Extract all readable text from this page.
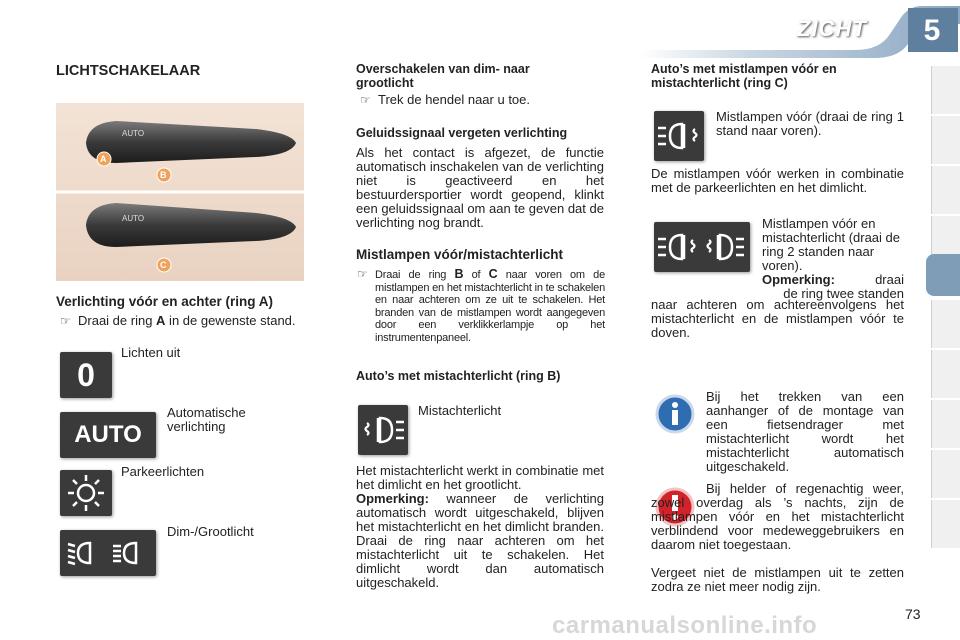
ZICHT	5
LICHTSCHAKELAAR
AUTO
AUTO
A
B
C
Verlichting vóór en achter (ring A)
Draai de ring A in de gewenste stand.
0
Lichten uit
AUTO
Automatische verlichting
Parkeerlichten
Dim-/Grootlicht
Overschakelen van dim- naar grootlicht
Trek de hendel naar u toe.
Geluidssignaal vergeten verlichting
Als het contact is afgezet, de functie automatisch inschakelen van de verlichting niet is geactiveerd en het bestuurdersportier wordt geopend, klinkt een geluidssignaal om aan te geven dat de verlichting nog brandt.
Mistlampen vóór/mistachterlicht
Draai de ring B of C naar voren om de mistlampen en het mistachterlicht in te schakelen en naar achteren om ze uit te schakelen. Het branden van de mistlampen wordt aangegeven door een verklikkerlampje op het instrumentenpaneel.
Auto’s met mistachterlicht (ring B)
Mistachterlicht
Het mistachterlicht werkt in combinatie met het dimlicht en het grootlicht.
Opmerking: wanneer de verlichting automatisch wordt uitgeschakeld, blijven het mistachterlicht en het dimlicht branden. Draai de ring naar achteren om het mistachterlicht uit te schakelen. Het dimlicht wordt dan automatisch uitgeschakeld.
Auto’s met mistlampen vóór en mistachterlicht (ring C)
Mistlampen vóór (draai de ring 1 stand naar voren).
De mistlampen vóór werken in combinatie met de parkeerlichten en het dimlicht.
Mistlampen vóór en mistachterlicht (draai de ring 2 standen naar voren).
Opmerking:	draai
de ring twee standen
naar achteren om achtereenvolgens het mistachterlicht en de mistlampen vóór te doven.
Bij het trekken van een aanhanger of de montage van een fietsendrager met mistachterlicht wordt het mistachterlicht automatisch uitgeschakeld.
Bij helder of regenachtig weer, zowel overdag als ’s nachts, zijn de mistlampen vóór en het mistachterlicht verblindend voor medeweggebruikers en daarom niet toegestaan.
Vergeet niet de mistlampen uit te zetten zodra ze niet meer nodig zijn.
73
carmanualsonline.info
